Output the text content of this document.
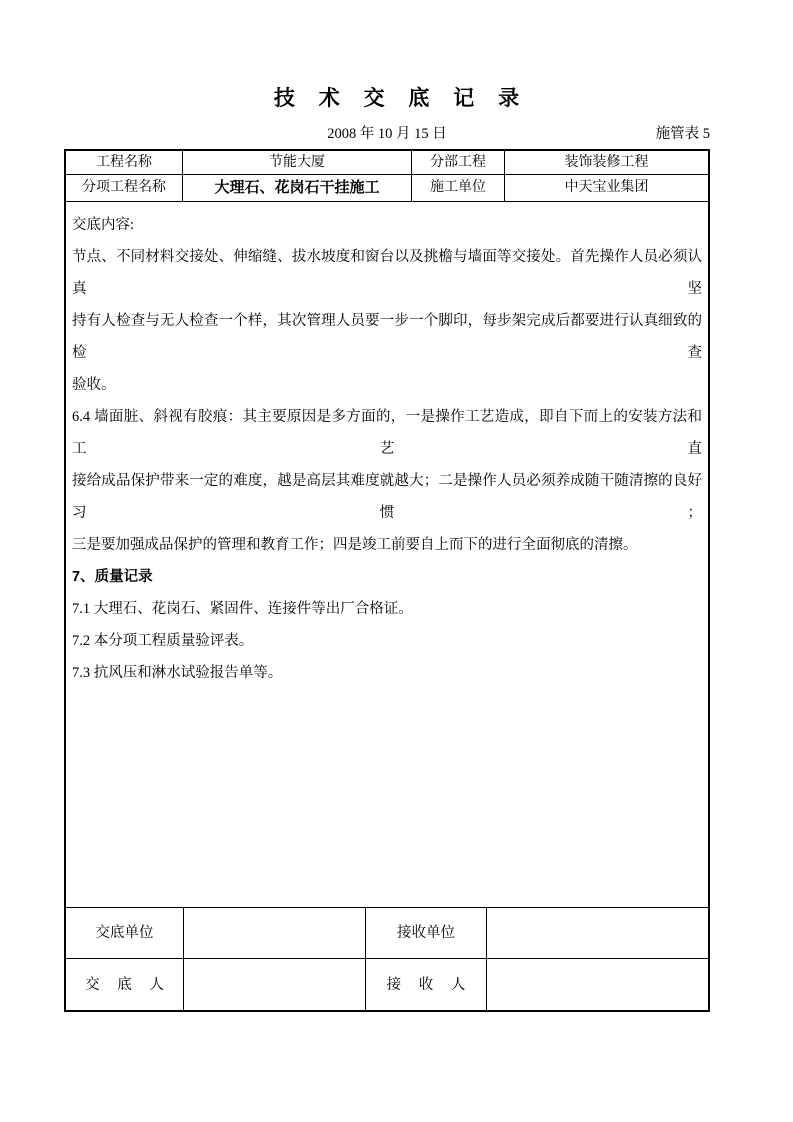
技 术 交 底 记 录
2008 年 10 月 15 日	施管表 5
工程名称	节能大厦	分部工程	装饰装修工程
分项工程名称	大理石、花岗石干挂施工	施工单位	中天宝业集团
交底内容:
节点、不同材料交接处、伸缩缝、拔水坡度和窗台以及挑檐与墙面等交接处。首先操作人员必须认真坚
持有人检查与无人检查一个样，其次管理人员要一步一个脚印，每步架完成后都要进行认真细致的检查
验收。
6.4 墙面脏、斜视有胶痕：其主要原因是多方面的，一是操作工艺造成，即自下而上的安装方法和工艺直
接给成品保护带来一定的难度，越是高层其难度就越大；二是操作人员必须养成随干随清擦的良好习惯；
三是要加强成品保护的管理和教育工作；四是竣工前要自上而下的进行全面彻底的清擦。
7、质量记录
7.1 大理石、花岗石、紧固件、连接件等出厂合格证。
7.2 本分项工程质量验评表。
7.3 抗风压和淋水试验报告单等。
交底单位	接收单位
交 底 人	接 收 人
